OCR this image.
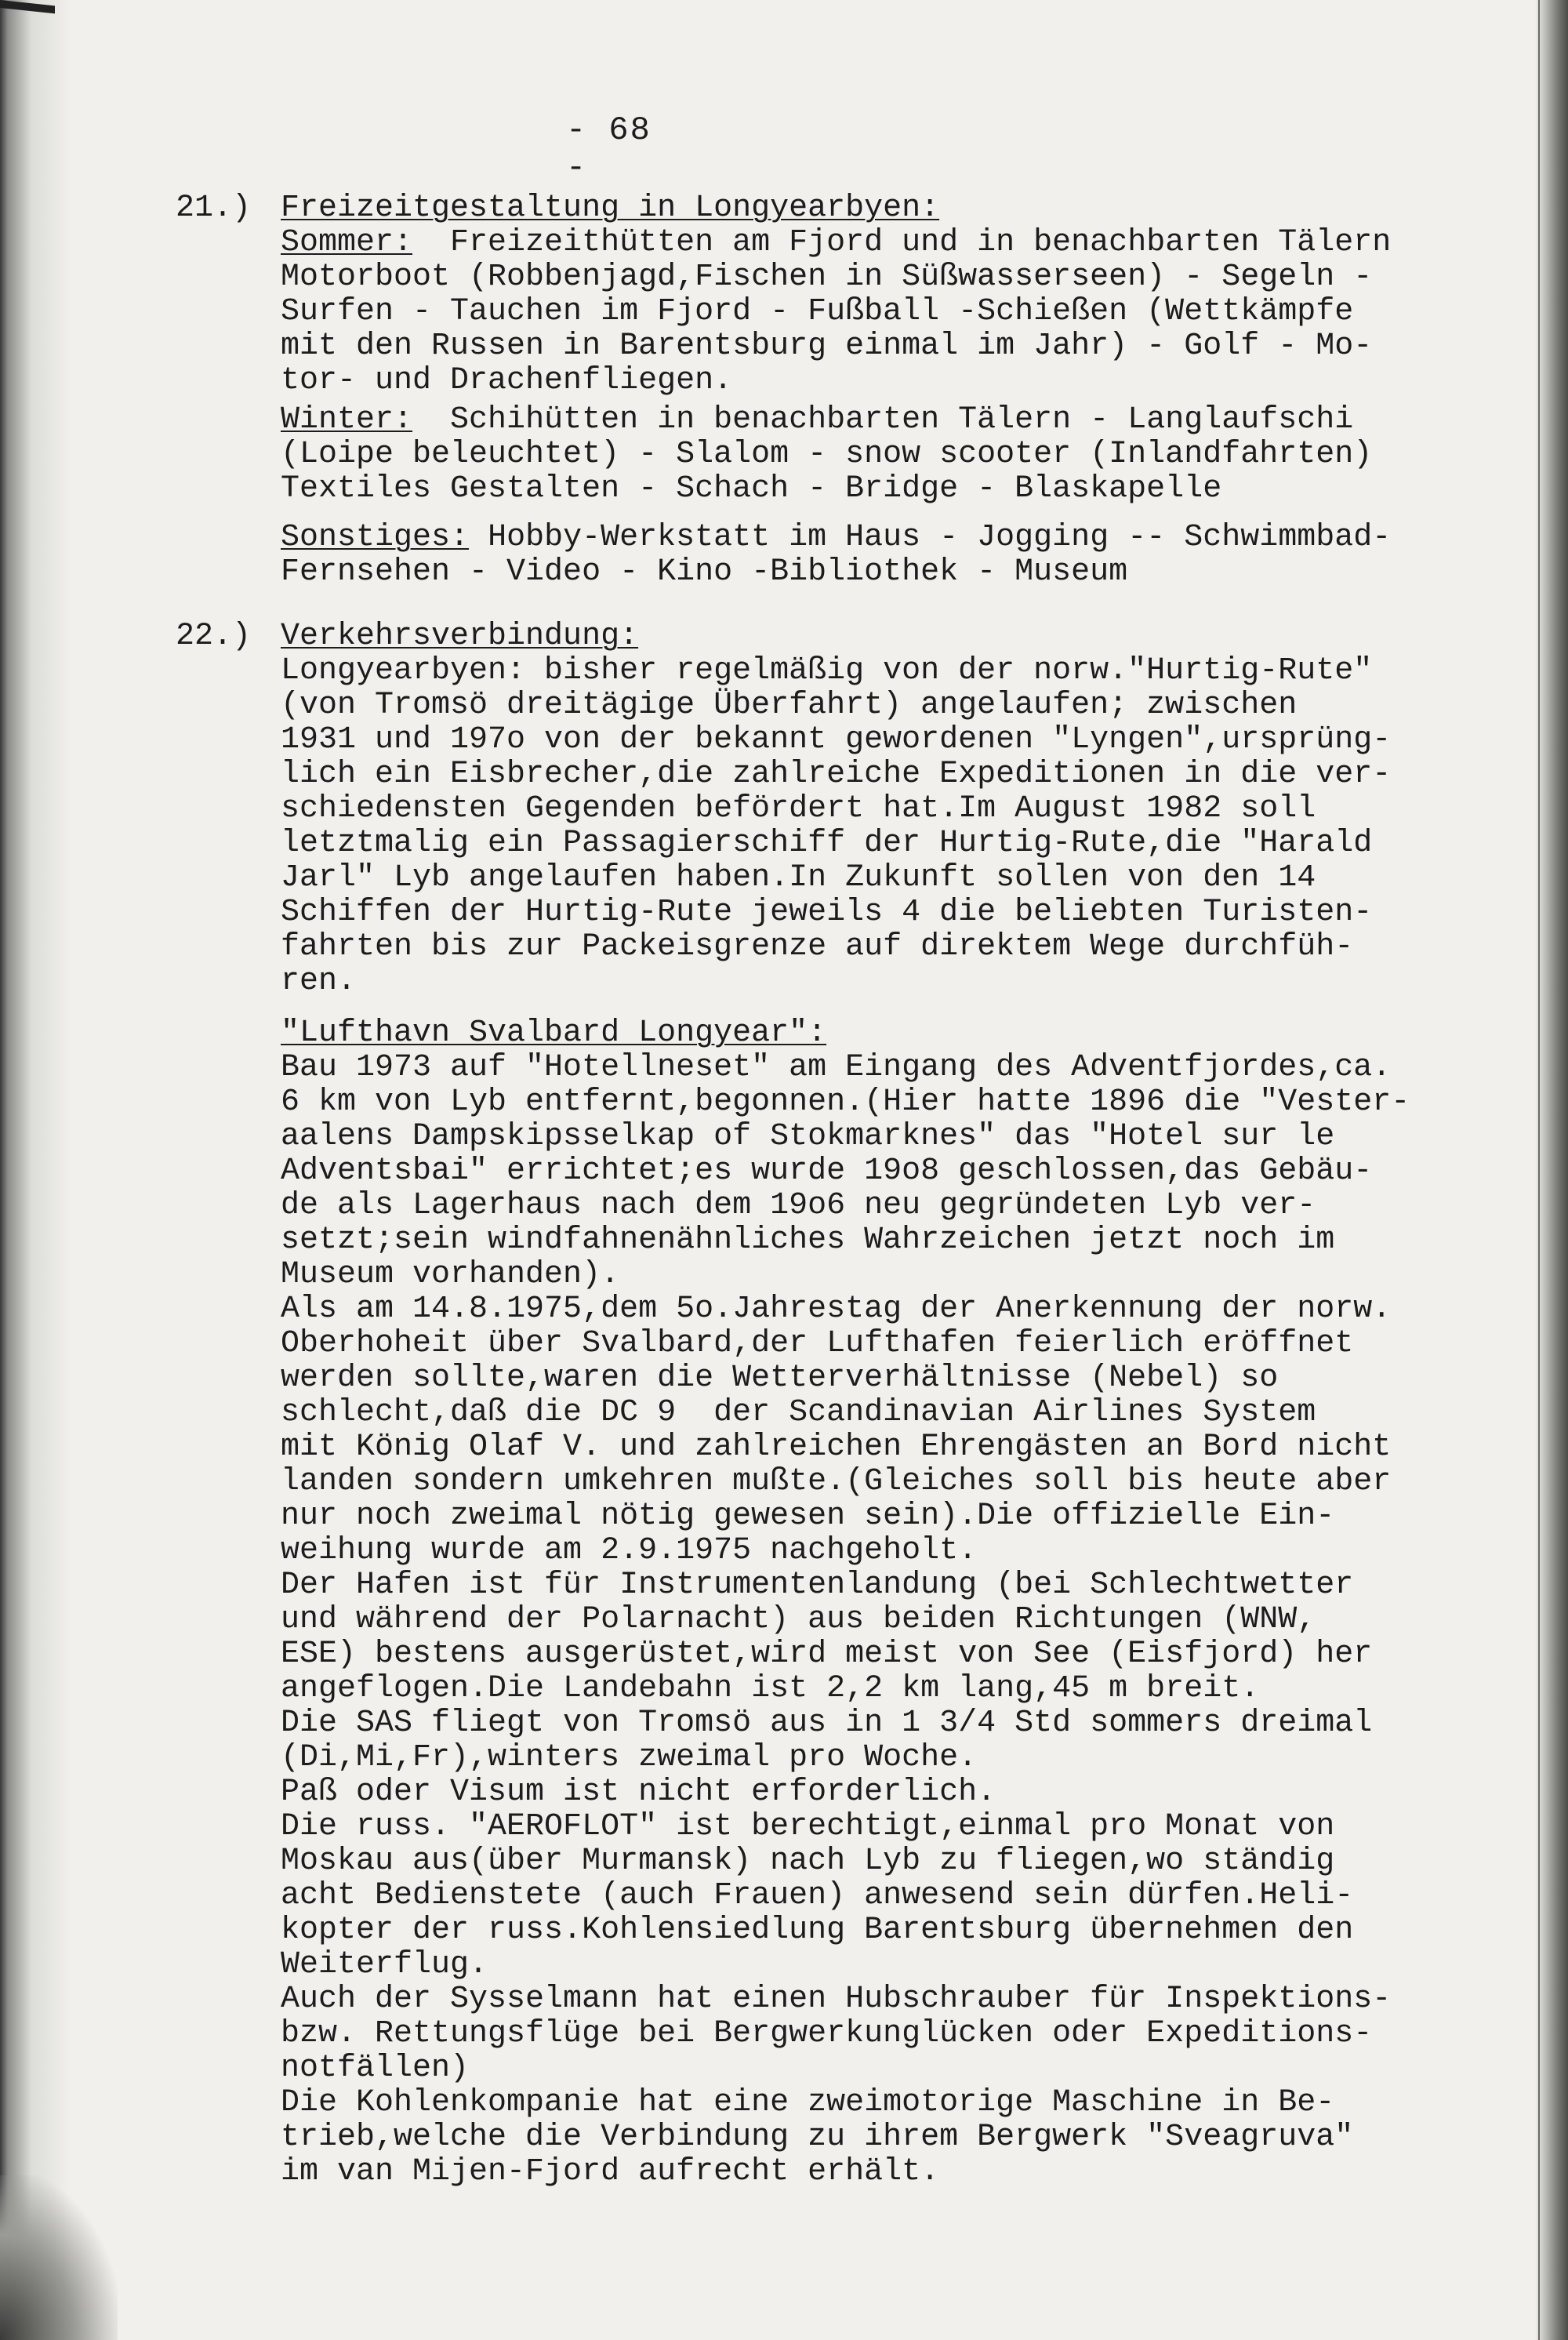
- 68 -
21.) Freizeitgestaltung in Longyearbyen:
Sommer: Freizeithütten am Fjord und in benachbarten Tälern
Motorboot (Robbenjagd,Fischen in Süßwasserseen) - Segeln -
Surfen - Tauchen im Fjord - Fußball -Schießen (Wettkämpfe
mit den Russen in Barentsburg einmal im Jahr) - Golf - Mo-
tor- und Drachenfliegen.
Winter: Schihütten in benachbarten Tälern - Langlaufschi
(Loipe beleuchtet) - Slalom - snow scooter (Inlandfahrten)
Textiles Gestalten - Schach - Bridge - Blaskapelle
Sonstiges: Hobby-Werkstatt im Haus - Jogging -- Schwimmbad-
Fernsehen - Video - Kino -Bibliothek - Museum
22.) Verkehrsverbindung:
Longyearbyen: bisher regelmäßig von der norw."Hurtig-Rute"
(von Tromsö dreitägige Überfahrt) angelaufen; zwischen
1931 und 197o von der bekannt gewordenen "Lyngen",ursprüng-
lich ein Eisbrecher,die zahlreiche Expeditionen in die ver-
schiedensten Gegenden befördert hat.Im August 1982 soll
letztmalig ein Passagierschiff der Hurtig-Rute,die "Harald
Jarl" Lyb angelaufen haben.In Zukunft sollen von den 14
Schiffen der Hurtig-Rute jeweils 4 die beliebten Turisten-
fahrten bis zur Packeisgrenze auf direktem Wege durchfüh-
ren.
"Lufthavn Svalbard Longyear":
Bau 1973 auf "Hotellneset" am Eingang des Adventfjordes,ca.
6 km von Lyb entfernt,begonnen.(Hier hatte 1896 die "Vester-
aalens Dampskipsselkap of Stokmarknes" das "Hotel sur le
Adventsbai" errichtet;es wurde 19o8 geschlossen,das Gebäu-
de als Lagerhaus nach dem 19o6 neu gegründeten Lyb ver-
setzt;sein windfahnenähnliches Wahrzeichen jetzt noch im
Museum vorhanden).
Als am 14.8.1975,dem 5o.Jahrestag der Anerkennung der norw.
Oberhoheit über Svalbard,der Lufthafen feierlich eröffnet
werden sollte,waren die Wetterverhältnisse (Nebel) so
schlecht,daß die DC 9  der Scandinavian Airlines System
mit König Olaf V. und zahlreichen Ehrengästen an Bord nicht
landen sondern umkehren mußte.(Gleiches soll bis heute aber
nur noch zweimal nötig gewesen sein).Die offizielle Ein-
weihung wurde am 2.9.1975 nachgeholt.
Der Hafen ist für Instrumentenlandung (bei Schlechtwetter
und während der Polarnacht) aus beiden Richtungen (WNW,
ESE) bestens ausgerüstet,wird meist von See (Eisfjord) her
angeflogen.Die Landebahn ist 2,2 km lang,45 m breit.
Die SAS fliegt von Tromsö aus in 1 3/4 Std sommers dreimal
(Di,Mi,Fr),winters zweimal pro Woche.
Paß oder Visum ist nicht erforderlich.
Die russ. "AEROFLOT" ist berechtigt,einmal pro Monat von
Moskau aus(über Murmansk) nach Lyb zu fliegen,wo ständig
acht Bedienstete (auch Frauen) anwesend sein dürfen.Heli-
kopter der russ.Kohlensiedlung Barentsburg übernehmen den
Weiterflug.
Auch der Sysselmann hat einen Hubschrauber für Inspektions-
bzw. Rettungsflüge bei Bergwerkunglücken oder Expeditions-
notfällen)
Die Kohlenkompanie hat eine zweimotorige Maschine in Be-
trieb,welche die Verbindung zu ihrem Bergwerk "Sveagruva"
im van Mijen-Fjord aufrecht erhält.
